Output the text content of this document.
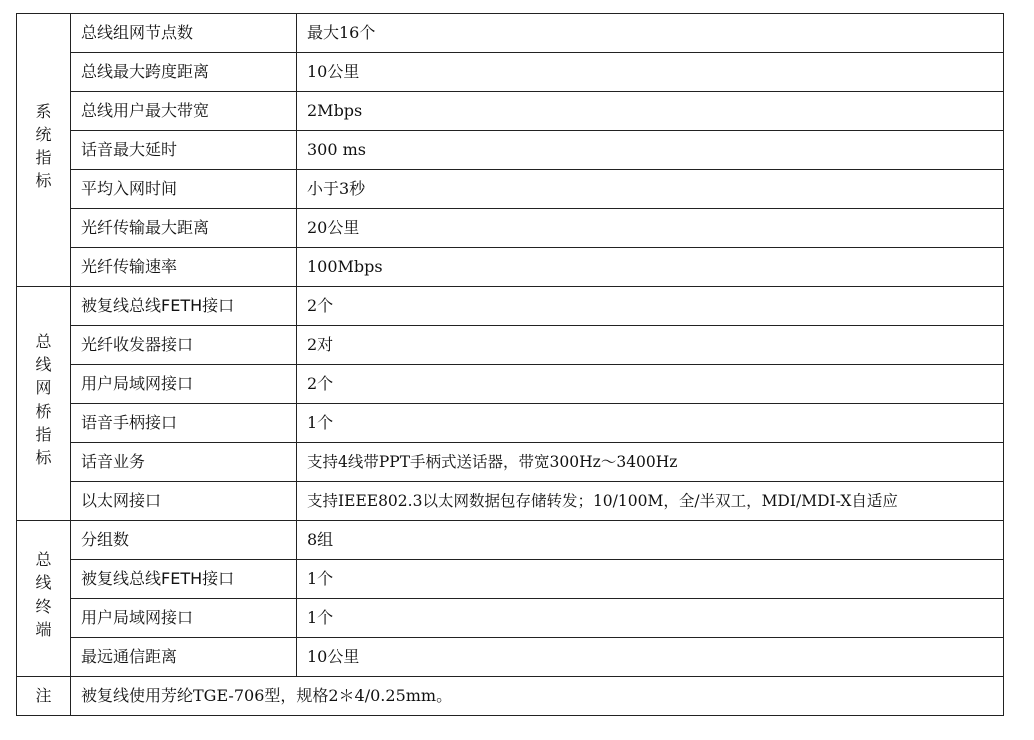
系统指标	总线组网节点数	最大16个
	总线最大跨度距离	10公里
	总线用户最大带宽	2Mbps
	话音最大延时	300 ms
	平均入网时间	小于3秒
	光纤传输最大距离	20公里
	光纤传输速率	100Mbps
总线网桥指标	被复线总线FETH接口	2个
	光纤收发器接口	2对
	用户局域网接口	2个
	语音手柄接口	1个
	话音业务	支持4线带PPT手柄式送话器，带宽300Hz～3400Hz
	以太网接口	支持IEEE802.3以太网数据包存储转发；10/100M，全/半双工，MDI/MDI-X自适应
总线终端	分组数	8组
	被复线总线FETH接口	1个
	用户局域网接口	1个
	最远通信距离	10公里
注	被复线使用芳纶TGE-706型，规格2＊4/0.25mm。	
